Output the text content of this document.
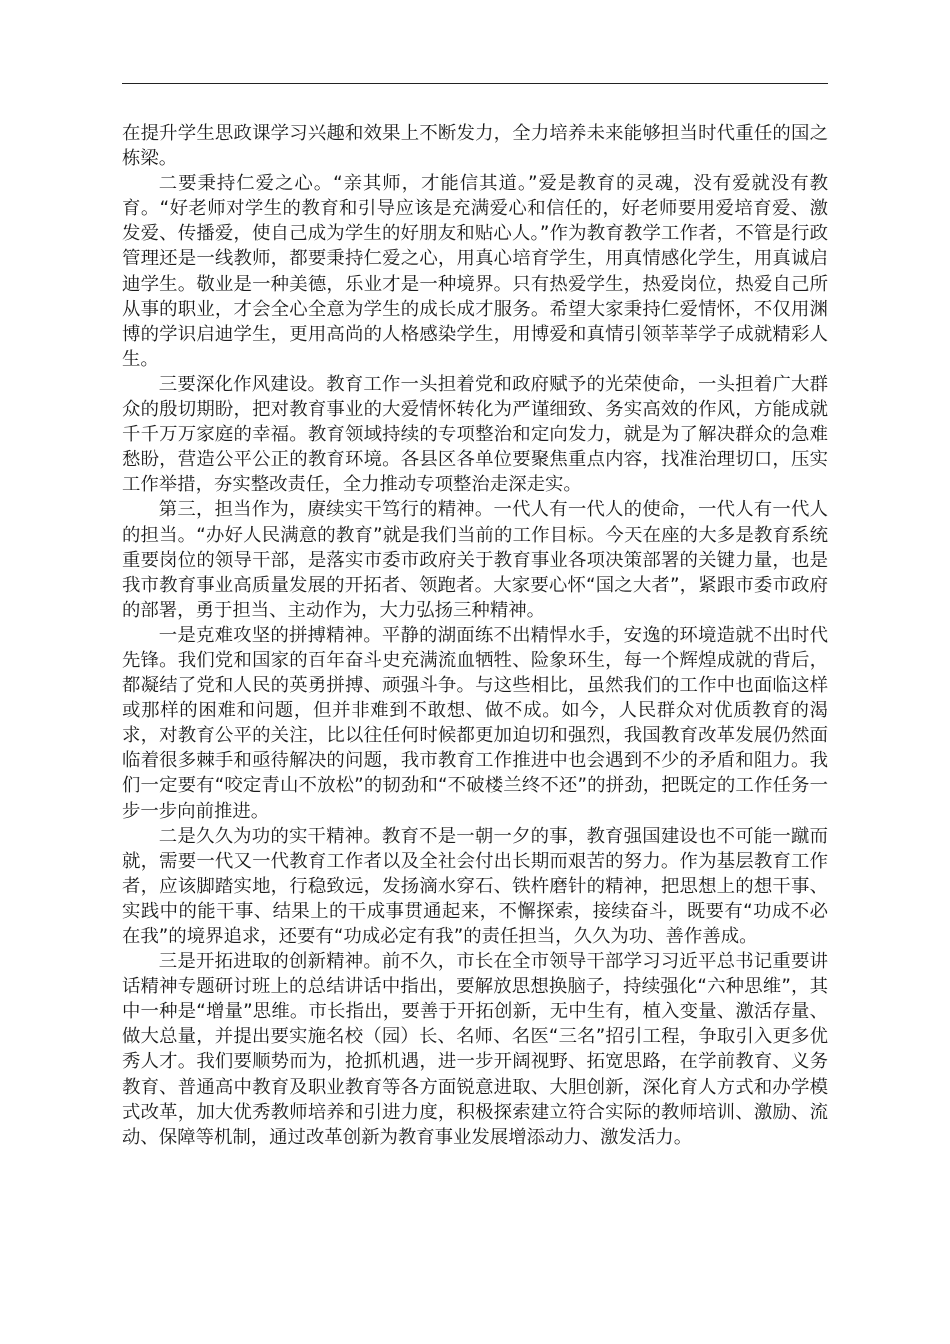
在提升学生思政课学习兴趣和效果上不断发力，全力培养未来能够担当时代重任的国之栋梁。

二要秉持仁爱之心。“亲其师，才能信其道。”爱是教育的灵魂，没有爱就没有教育。“好老师对学生的教育和引导应该是充满爱心和信任的，好老师要用爱培育爱、激发爱、传播爱，使自己成为学生的好朋友和贴心人。”作为教育教学工作者，不管是行政管理还是一线教师，都要秉持仁爱之心，用真心培育学生，用真情感化学生，用真诚启迪学生。敬业是一种美德，乐业才是一种境界。只有热爱学生，热爱岗位，热爱自己所从事的职业，才会全心全意为学生的成长成才服务。希望大家秉持仁爱情怀，不仅用渊博的学识启迪学生，更用高尚的人格感染学生，用博爱和真情引领莘莘学子成就精彩人生。

三要深化作风建设。教育工作一头担着党和政府赋予的光荣使命，一头担着广大群众的殷切期盼，把对教育事业的大爱情怀转化为严谨细致、务实高效的作风，方能成就千千万万家庭的幸福。教育领域持续的专项整治和定向发力，就是为了解决群众的急难愁盼，营造公平公正的教育环境。各县区各单位要聚焦重点内容，找准治理切口，压实工作举措，夯实整改责任，全力推动专项整治走深走实。

第三，担当作为，赓续实干笃行的精神。一代人有一代人的使命，一代人有一代人的担当。“办好人民满意的教育”就是我们当前的工作目标。今天在座的大多是教育系统重要岗位的领导干部，是落实市委市政府关于教育事业各项决策部署的关键力量，也是我市教育事业高质量发展的开拓者、领跑者。大家要心怀“国之大者”，紧跟市委市政府的部署，勇于担当、主动作为，大力弘扬三种精神。

一是克难攻坚的拼搏精神。平静的湖面练不出精悍水手，安逸的环境造就不出时代先锋。我们党和国家的百年奋斗史充满流血牺牲、险象环生，每一个辉煌成就的背后，都凝结了党和人民的英勇拼搏、顽强斗争。与这些相比，虽然我们的工作中也面临这样或那样的困难和问题，但并非难到不敢想、做不成。如今，人民群众对优质教育的渴求，对教育公平的关注，比以往任何时候都更加迫切和强烈，我国教育改革发展仍然面临着很多棘手和亟待解决的问题，我市教育工作推进中也会遇到不少的矛盾和阻力。我们一定要有“咬定青山不放松”的韧劲和“不破楼兰终不还”的拼劲，把既定的工作任务一步一步向前推进。

二是久久为功的实干精神。教育不是一朝一夕的事，教育强国建设也不可能一蹴而就，需要一代又一代教育工作者以及全社会付出长期而艰苦的努力。作为基层教育工作者，应该脚踏实地，行稳致远，发扬滴水穿石、铁杵磨针的精神，把思想上的想干事、实践中的能干事、结果上的干成事贯通起来，不懈探索，接续奋斗，既要有“功成不必在我”的境界追求，还要有“功成必定有我”的责任担当，久久为功、善作善成。

三是开拓进取的创新精神。前不久，市长在全市领导干部学习习近平总书记重要讲话精神专题研讨班上的总结讲话中指出，要解放思想换脑子，持续强化“六种思维”，其中一种是“增量”思维。市长指出，要善于开拓创新，无中生有，植入变量、激活存量、做大总量，并提出要实施名校（园）长、名师、名医“三名”招引工程，争取引入更多优秀人才。我们要顺势而为，抢抓机遇，进一步开阔视野、拓宽思路，在学前教育、义务教育、普通高中教育及职业教育等各方面锐意进取、大胆创新，深化育人方式和办学模式改革，加大优秀教师培养和引进力度，积极探索建立符合实际的教师培训、激励、流动、保障等机制，通过改革创新为教育事业发展增添动力、激发活力。
